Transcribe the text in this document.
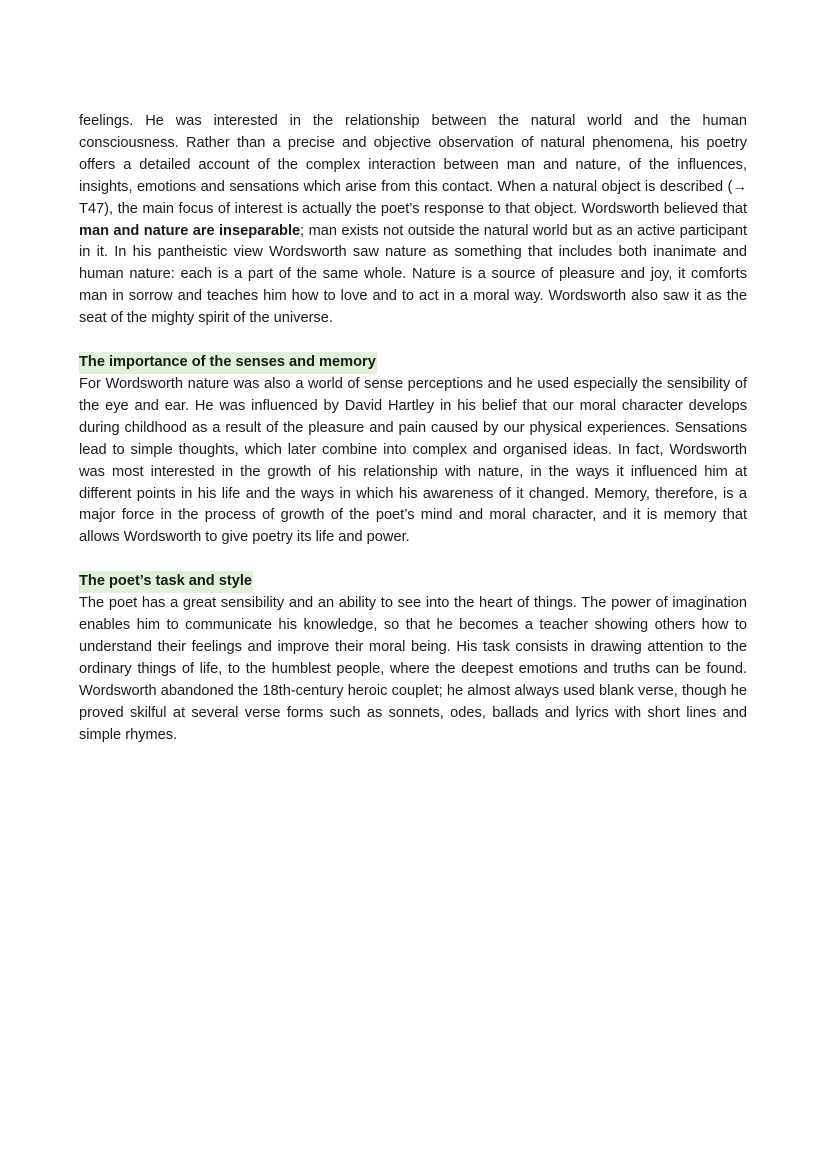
feelings. He was interested in the relationship between the natural world and the human consciousness. Rather than a precise and objective observation of natural phenomena, his poetry offers a detailed account of the complex interaction between man and nature, of the influences, insights, emotions and sensations which arise from this contact. When a natural object is described (→ T47), the main focus of interest is actually the poet’s response to that object. Wordsworth believed that man and nature are inseparable; man exists not outside the natural world but as an active participant in it. In his pantheistic view Wordsworth saw nature as something that includes both inanimate and human nature: each is a part of the same whole. Nature is a source of pleasure and joy, it comforts man in sorrow and teaches him how to love and to act in a moral way. Wordsworth also saw it as the seat of the mighty spirit of the universe.

The importance of the senses and memory

For Wordsworth nature was also a world of sense perceptions and he used especially the sensibility of the eye and ear. He was influenced by David Hartley in his belief that our moral character develops during childhood as a result of the pleasure and pain caused by our physical experiences. Sensations lead to simple thoughts, which later combine into complex and organised ideas. In fact, Wordsworth was most interested in the growth of his relationship with nature, in the ways it influenced him at different points in his life and the ways in which his awareness of it changed. Memory, therefore, is a major force in the process of growth of the poet’s mind and moral character, and it is memory that allows Wordsworth to give poetry its life and power.

The poet’s task and style

The poet has a great sensibility and an ability to see into the heart of things. The power of imagination enables him to communicate his knowledge, so that he becomes a teacher showing others how to understand their feelings and improve their moral being. His task consists in drawing attention to the ordinary things of life, to the humblest people, where the deepest emotions and truths can be found. Wordsworth abandoned the 18th-century heroic couplet; he almost always used blank verse, though he proved skilful at several verse forms such as sonnets, odes, ballads and lyrics with short lines and simple rhymes.
